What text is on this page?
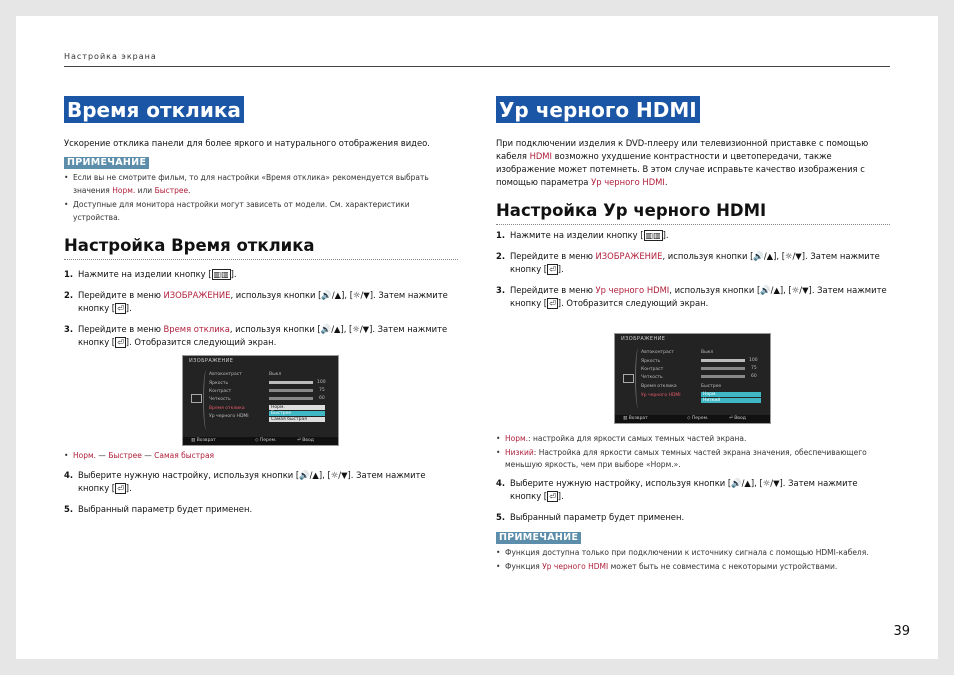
Настройка экрана
Время отклика
Ускорение отклика панели для более яркого и натурального отображения видео.
ПРИМЕЧАНИЕ
• Если вы не смотрите фильм, то для настройки «Время отклика» рекомендуется выбрать значения Норм. или Быстрее.
• Доступные для монитора настройки могут зависеть от модели. См. характеристики устройства.
Настройка Время отклика
1. Нажмите на изделии кнопку [ ▥▥ ].
2. Перейдите в меню ИЗОБРАЖЕНИЕ, используя кнопки [🔊/▲], [☼/▼]. Затем нажмите кнопку [ ⏎ ].
3. Перейдите в меню Время отклика, используя кнопки [🔊/▲], [☼/▼]. Затем нажмите кнопку [ ⏎ ]. Отобразится следующий экран.
ИЗОБРАЖЕНИЕ
Автоконтраст	Выкл
Яркость	100
Контраст	75
Четкость	60
Время отклика
Ур черного HDMI
Норм.
Быстрее
Самая быстрая
▥ Возврат	◇ Перем.	⏎ Ввод
• Норм. — Быстрее — Самая быстрая
4. Выберите нужную настройку, используя кнопки [🔊/▲], [☼/▼]. Затем нажмите кнопку [ ⏎ ].
5. Выбранный параметр будет применен.
Ур черного HDMI
При подключении изделия к DVD-плееру или телевизионной приставке с помощью кабеля HDMI возможно ухудшение контрастности и цветопередачи, также изображение может потемнеть. В этом случае исправьте качество изображения с помощью параметра Ур черного HDMI.
Настройка Ур черного HDMI
1. Нажмите на изделии кнопку [ ▥▥ ].
2. Перейдите в меню ИЗОБРАЖЕНИЕ, используя кнопки [🔊/▲], [☼/▼]. Затем нажмите кнопку [ ⏎ ].
3. Перейдите в меню Ур черного HDMI, используя кнопки [🔊/▲], [☼/▼]. Затем нажмите кнопку [ ⏎ ]. Отобразится следующий экран.
ИЗОБРАЖЕНИЕ
Автоконтраст	Выкл
Яркость	100
Контраст	75
Четкость	60
Время отклика	Быстрее
Ур черного HDMI	Норм.
Низкий
▥ Возврат	◇ Перем.	⏎ Ввод
• Норм.: настройка для яркости самых темных частей экрана.
• Низкий: Настройка для яркости самых темных частей экрана значения, обеспечивающего меньшую яркость, чем при выборе «Норм.».
4. Выберите нужную настройку, используя кнопки [🔊/▲], [☼/▼]. Затем нажмите кнопку [ ⏎ ].
5. Выбранный параметр будет применен.
ПРИМЕЧАНИЕ
• Функция доступна только при подключении к источнику сигнала с помощью HDMI-кабеля.
• Функция Ур черного HDMI может быть не совместима с некоторыми устройствами.
39
